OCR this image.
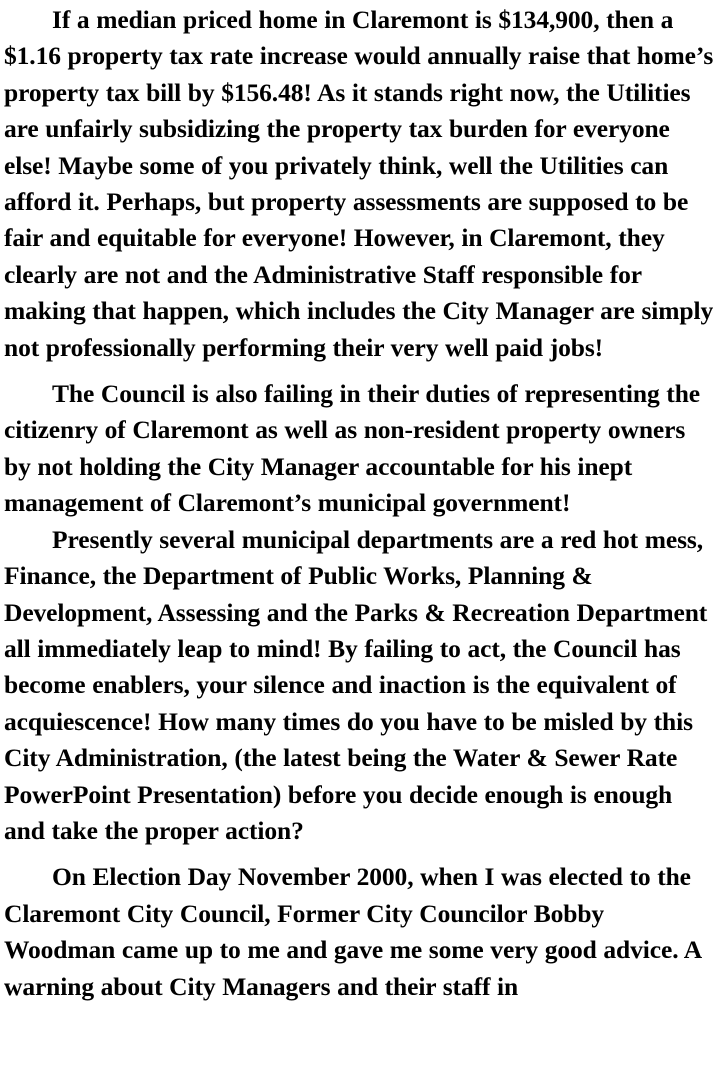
If a median priced home in Claremont is $134,900, then a $1.16 property tax rate increase would annually raise that home’s property tax bill by $156.48! As it stands right now, the Utilities are unfairly subsidizing the property tax burden for everyone else! Maybe some of you privately think, well the Utilities can afford it. Perhaps, but property assessments are supposed to be fair and equitable for everyone! However, in Claremont, they clearly are not and the Administrative Staff responsible for making that happen, which includes the City Manager are simply not professionally performing their very well paid jobs!

The Council is also failing in their duties of representing the citizenry of Claremont as well as non-resident property owners by not holding the City Manager accountable for his inept management of Claremont’s municipal government!

Presently several municipal departments are a red hot mess, Finance, the Department of Public Works, Planning & Development, Assessing and the Parks & Recreation Department all immediately leap to mind! By failing to act, the Council has become enablers, your silence and inaction is the equivalent of acquiescence! How many times do you have to be misled by this City Administration, (the latest being the Water & Sewer Rate PowerPoint Presentation) before you decide enough is enough and take the proper action?

On Election Day November 2000, when I was elected to the Claremont City Council, Former City Councilor Bobby Woodman came up to me and gave me some very good advice. A warning about City Managers and their staff in
